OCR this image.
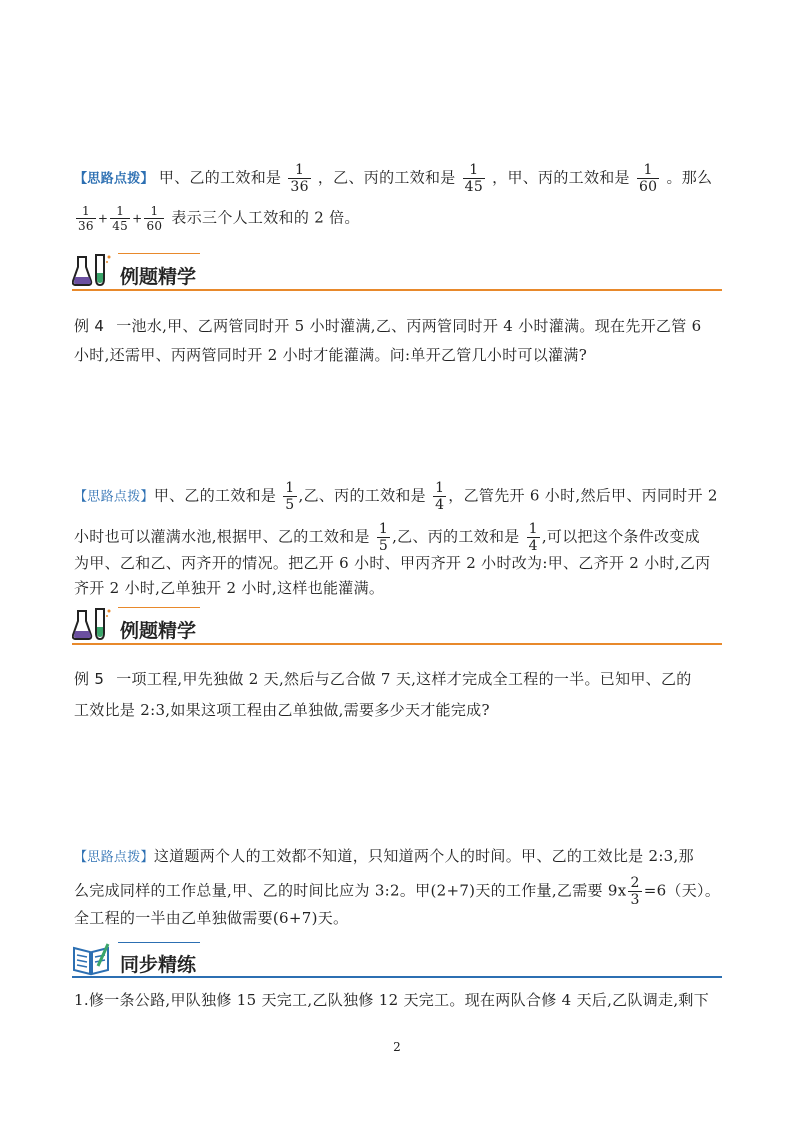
【思路点拨】 甲、乙的工效和是 $\frac{1}{36}$ ，乙、丙的工效和是 $\frac{1}{45}$ ，甲、丙的工效和是 $\frac{1}{60}$ 。那么
$\frac{1}{36} + \frac{1}{45} + \frac{1}{60}$ 表示三个人工效和的 2 倍。
例题精学
例 4 一池水,甲、乙两管同时开 5 小时灌满,乙、丙两管同时开 4 小时灌满。现在先开乙管 6
小时,还需甲、丙两管同时开 2 小时才能灌满。问:单开乙管几小时可以灌满?
【思路点拨】甲、乙的工效和是 $\frac{1}{5}$ ,乙、丙的工效和是 $\frac{1}{4}$ ，乙管先开 6 小时,然后甲、丙同时开 2
小时也可以灌满水池,根据甲、乙的工效和是 $\frac{1}{5}$ ,乙、丙的工效和是 $\frac{1}{4}$ ,可以把这个条件改变成
为甲、乙和乙、丙齐开的情况。把乙开 6 小时、甲丙齐开 2 小时改为:甲、乙齐开 2 小时,乙丙
齐开 2 小时,乙单独开 2 小时,这样也能灌满。
例题精学
例 5 一项工程,甲先独做 2 天,然后与乙合做 7 天,这样才完成全工程的一半。已知甲、乙的
工效比是 2:3,如果这项工程由乙单独做,需要多少天才能完成?
【思路点拨】这道题两个人的工效都不知道，只知道两个人的时间。甲、乙的工效比是 2:3,那
么完成同样的工作总量,甲、乙的时间比应为 3:2。甲(2+7)天的工作量,乙需要 $9x \frac{2}{3} =6$（天）。
全工程的一半由乙单独做需要(6+7)天。
同步精练
1.修一条公路,甲队独修 15 天完工,乙队独修 12 天完工。现在两队合修 4 天后,乙队调走,剩下
2
